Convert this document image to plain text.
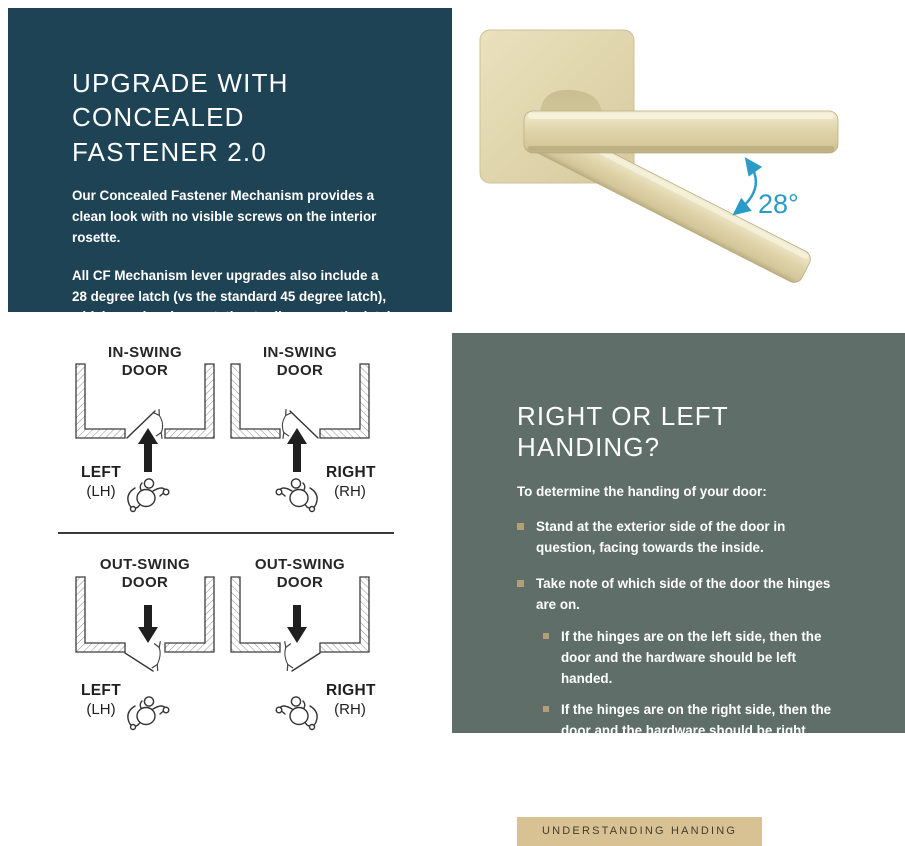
UPGRADE WITH CONCEALED
FASTENER 2.0

Our Concealed Fastener Mechanism provides a clean look with no visible screws on the interior rosette.

All CF Mechanism lever upgrades also include a 28 degree latch (vs the standard 45 degree latch), which requires less rotation to disengage the latch and open a door when compared to standard latches.

28°
IN-SWING DOOR
LEFT
(LH)
IN-SWING DOOR
RIGHT
(RH)
OUT-SWING DOOR
LEFT
(LH)
OUT-SWING DOOR
RIGHT
(RH)
RIGHT OR LEFT HANDING?
To determine the handing of your door:
Stand at the exterior side of the door in question, facing towards the inside.
Take note of which side of the door the hinges are on.
If the hinges are on the left side, then the door and the hardware should be left handed.
If the hinges are on the right side, then the door and the hardware should be right handed.
Learn more about handing here:
UNDERSTANDING HANDING
